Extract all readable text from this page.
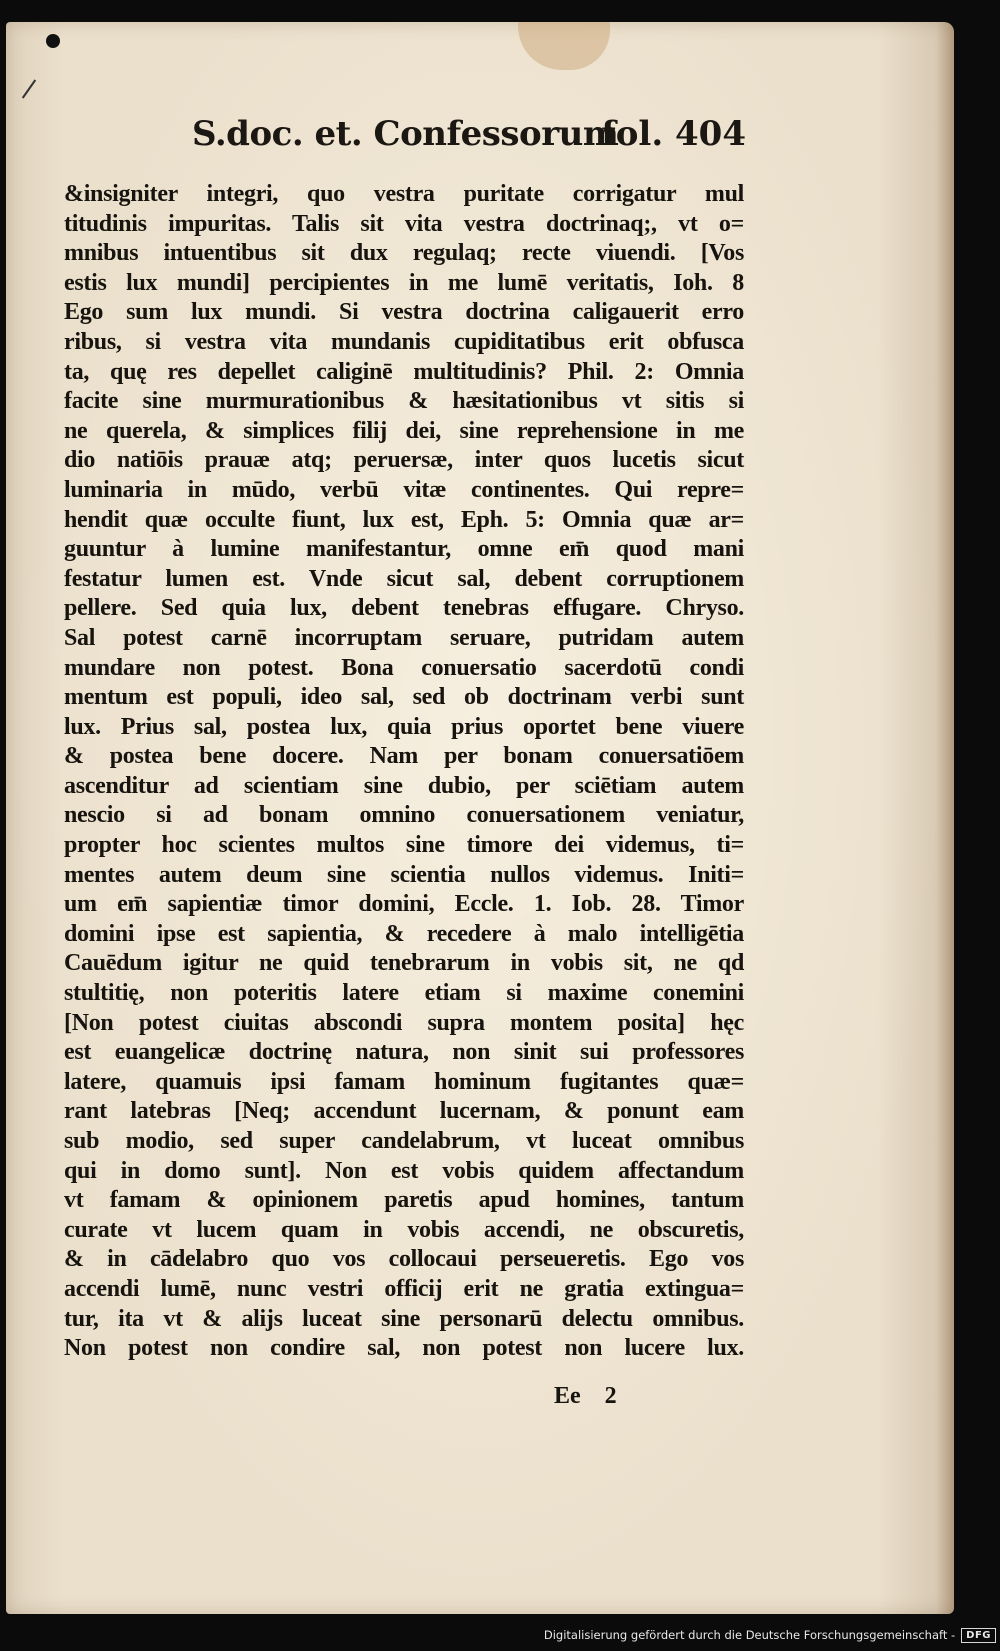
S.doc. et. Confessorum
fol. 404
&insigniter integri, quo vestra puritate corrigatur mul
titudinis impuritas. Talis sit vita vestra doctrinaq;, vt o=
mnibus intuentibus sit dux regulaq; recte viuendi. [Vos
estis lux mundi] percipientes in me lumē veritatis, Ioh. 8
Ego sum lux mundi. Si vestra doctrina caligauerit erro
ribus, si vestra vita mundanis cupiditatibus erit obfusca
ta, quę res depellet caliginē multitudinis? Phil. 2: Omnia
facite sine murmurationibus & hæsitationibus vt sitis si
ne querela, & simplices filij dei, sine reprehensione in me
dio natiōis prauæ atq; peruersæ, inter quos lucetis sicut
luminaria in mūdo, verbū vitæ continentes. Qui repre=
hendit quæ occulte fiunt, lux est, Eph. 5: Omnia quæ ar=
guuntur à lumine manifestantur, omne em̄ quod mani
festatur lumen est. Vnde sicut sal, debent corruptionem
pellere. Sed quia lux, debent tenebras effugare. Chryso.
Sal potest carnē incorruptam seruare, putridam autem
mundare non potest. Bona conuersatio sacerdotū condi
mentum est populi, ideo sal, sed ob doctrinam verbi sunt
lux. Prius sal, postea lux, quia prius oportet bene viuere
& postea bene docere. Nam per bonam conuersatiōem
ascenditur ad scientiam sine dubio, per sciētiam autem
nescio si ad bonam omnino conuersationem veniatur,
propter hoc scientes multos sine timore dei videmus, ti=
mentes autem deum sine scientia nullos videmus. Initi=
um em̄ sapientiæ timor domini, Eccle. 1. Iob. 28. Timor
domini ipse est sapientia, & recedere à malo intelligētia
Cauēdum igitur ne quid tenebrarum in vobis sit, ne qd
stultitię, non poteritis latere etiam si maxime conemini
[Non potest ciuitas abscondi supra montem posita] hęc
est euangelicæ doctrinę natura, non sinit sui professores
latere, quamuis ipsi famam hominum fugitantes quæ=
rant latebras [Neq; accendunt lucernam, & ponunt eam
sub modio, sed super candelabrum, vt luceat omnibus
qui in domo sunt]. Non est vobis quidem affectandum
vt famam & opinionem paretis apud homines, tantum
curate vt lucem quam in vobis accendi, ne obscuretis,
& in cādelabro quo vos collocaui perseueretis. Ego vos
accendi lumē, nunc vestri officij erit ne gratia extingua=
tur, ita vt & alijs luceat sine personarū delectu omnibus.
Non potest non condire sal, non potest non lucere lux.
Ee 2
Digitalisierung gefördert durch die Deutsche Forschungsgemeinschaft -	DFG
